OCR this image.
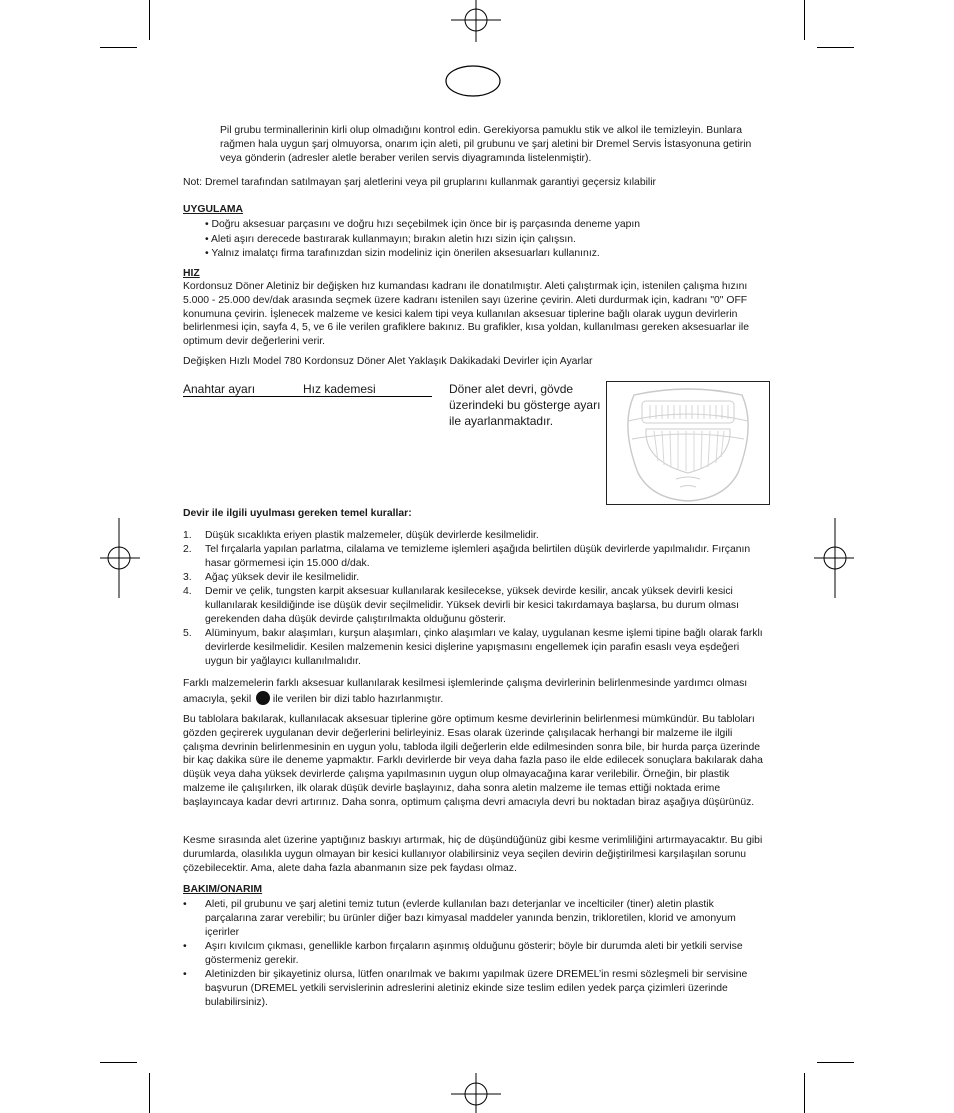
Pil grubu terminallerinin kirli olup olmadığını kontrol edin. Gerekiyorsa pamuklu stik ve alkol ile temizleyin. Bunlara rağmen hala uygun şarj olmuyorsa, onarım için aleti, pil grubunu ve şarj aletini bir Dremel Servis İstasyonuna getirin veya gönderin (adresler aletle beraber verilen servis diyagramında listelenmiştir).

Not: Dremel tarafından satılmayan şarj aletlerini veya pil gruplarını kullanmak garantiyi geçersiz kılabilir

UYGULAMA
• Doğru aksesuar parçasını ve doğru hızı seçebilmek için önce bir iş parçasında deneme yapın
• Aleti aşırı derecede bastırarak kullanmayın; bırakın aletin hızı sizin için çalışsın.
• Yalnız imalatçı firma tarafınızdan sizin modeliniz için önerilen aksesuarları kullanınız.
HIZ

Kordonsuz Döner Aletiniz bir değişken hız kumandası kadranı ile donatılmıştır. Aleti çalıştırmak için, istenilen çalışma hızını 5.000 - 25.000 dev/dak arasında seçmek üzere kadranı istenilen sayı üzerine çevirin. Aleti durdurmak için, kadranı "0" OFF konumuna çevirin. İşlenecek malzeme ve kesici kalem tipi veya kullanılan aksesuar tiplerine bağlı olarak uygun devirlerin belirlenmesi için, sayfa 4, 5, ve 6 ile verilen grafiklere bakınız. Bu grafikler, kısa yoldan, kullanılması gereken aksesuarlar ile optimum devir değerlerini verir.

Değişken Hızlı Model 780 Kordonsuz Döner Alet Yaklaşık Dakikadaki Devirler için Ayarlar

Anahtar ayarı	Hız kademesi	Döner alet devri, gövde üzerindeki bu gösterge ayarı ile ayarlanmaktadır.

Devir ile ilgili uyulması gereken temel kurallar:
1. Düşük sıcaklıkta eriyen plastik malzemeler, düşük devirlerde kesilmelidir.
2. Tel fırçalarla yapılan parlatma, cilalama ve temizleme işlemleri aşağıda belirtilen düşük devirlerde yapılmalıdır. Fırçanın hasar görmemesi için 15.000 d/dak.
3. Ağaç yüksek devir ile kesilmelidir.
4. Demir ve çelik, tungsten karpit aksesuar kullanılarak kesilecekse, yüksek devirde kesilir, ancak yüksek devirli kesici kullanılarak kesildiğinde ise düşük devir seçilmelidir. Yüksek devirli bir kesici takırdamaya başlarsa, bu durum olması gerekenden daha düşük devirde çalıştırılmakta olduğunu gösterir.
5. Alüminyum, bakır alaşımları, kurşun alaşımları, çinko alaşımları ve kalay, uygulanan kesme işlemi tipine bağlı olarak farklı devirlerde kesilmelidir. Kesilen malzemenin kesici dişlerine yapışmasını engellemek için parafin esaslı veya eşdeğeri uygun bir yağlayıcı kullanılmalıdır.

Farklı malzemelerin farklı aksesuar kullanılarak kesilmesi işlemlerinde çalışma devirlerinin belirlenmesinde yardımcı olması amacıyla, şekil ile verilen bir dizi tablo hazırlanmıştır.

Bu tablolara bakılarak, kullanılacak aksesuar tiplerine göre optimum kesme devirlerinin belirlenmesi mümkündür. Bu tabloları gözden geçirerek uygulanan devir değerlerini belirleyiniz. Esas olarak üzerinde çalışılacak herhangi bir malzeme ile ilgili çalışma devrinin belirlenmesinin en uygun yolu, tabloda ilgili değerlerin elde edilmesinden sonra bile, bir hurda parça üzerinde bir kaç dakika süre ile deneme yapmaktır. Farklı devirlerde bir veya daha fazla paso ile elde edilecek sonuçlara bakılarak daha düşük veya daha yüksek devirlerde çalışma yapılmasının uygun olup olmayacağına karar verilebilir. Örneğin, bir plastik malzeme ile çalışılırken, ilk olarak düşük devirle başlayınız, daha sonra aletin malzeme ile temas ettiği noktada erime başlayıncaya kadar devri artırınız. Daha sonra, optimum çalışma devri amacıyla devri bu noktadan biraz aşağıya düşürünüz.

Kesme sırasında alet üzerine yaptığınız baskıyı artırmak, hiç de düşündüğünüz gibi kesme verimliliğini artırmayacaktır. Bu gibi durumlarda, olasılıkla uygun olmayan bir kesici kullanıyor olabilirsiniz veya seçilen devirin değiştirilmesi karşılaşılan sorunu çözebilecektir. Ama, alete daha fazla abanmanın size pek faydası olmaz.

BAKIM/ONARIM
• Aleti, pil grubunu ve şarj aletini temiz tutun (evlerde kullanılan bazı deterjanlar ve incelticiler (tiner) aletin plastik parçalarına zarar verebilir; bu ürünler diğer bazı kimyasal maddeler yanında benzin, trikloretilen, klorid ve amonyum içerirler
• Aşırı kıvılcım çıkması, genellikle karbon fırçaların aşınmış olduğunu gösterir; böyle bir durumda aleti bir yetkili servise göstermeniz gerekir.
• Aletinizden bir şikayetiniz olursa, lütfen onarılmak ve bakımı yapılmak üzere DREMEL’in resmi sözleşmeli bir servisine başvurun (DREMEL yetkili servislerinin adreslerini aletiniz ekinde size teslim edilen yedek parça çizimleri üzerinde bulabilirsiniz).
